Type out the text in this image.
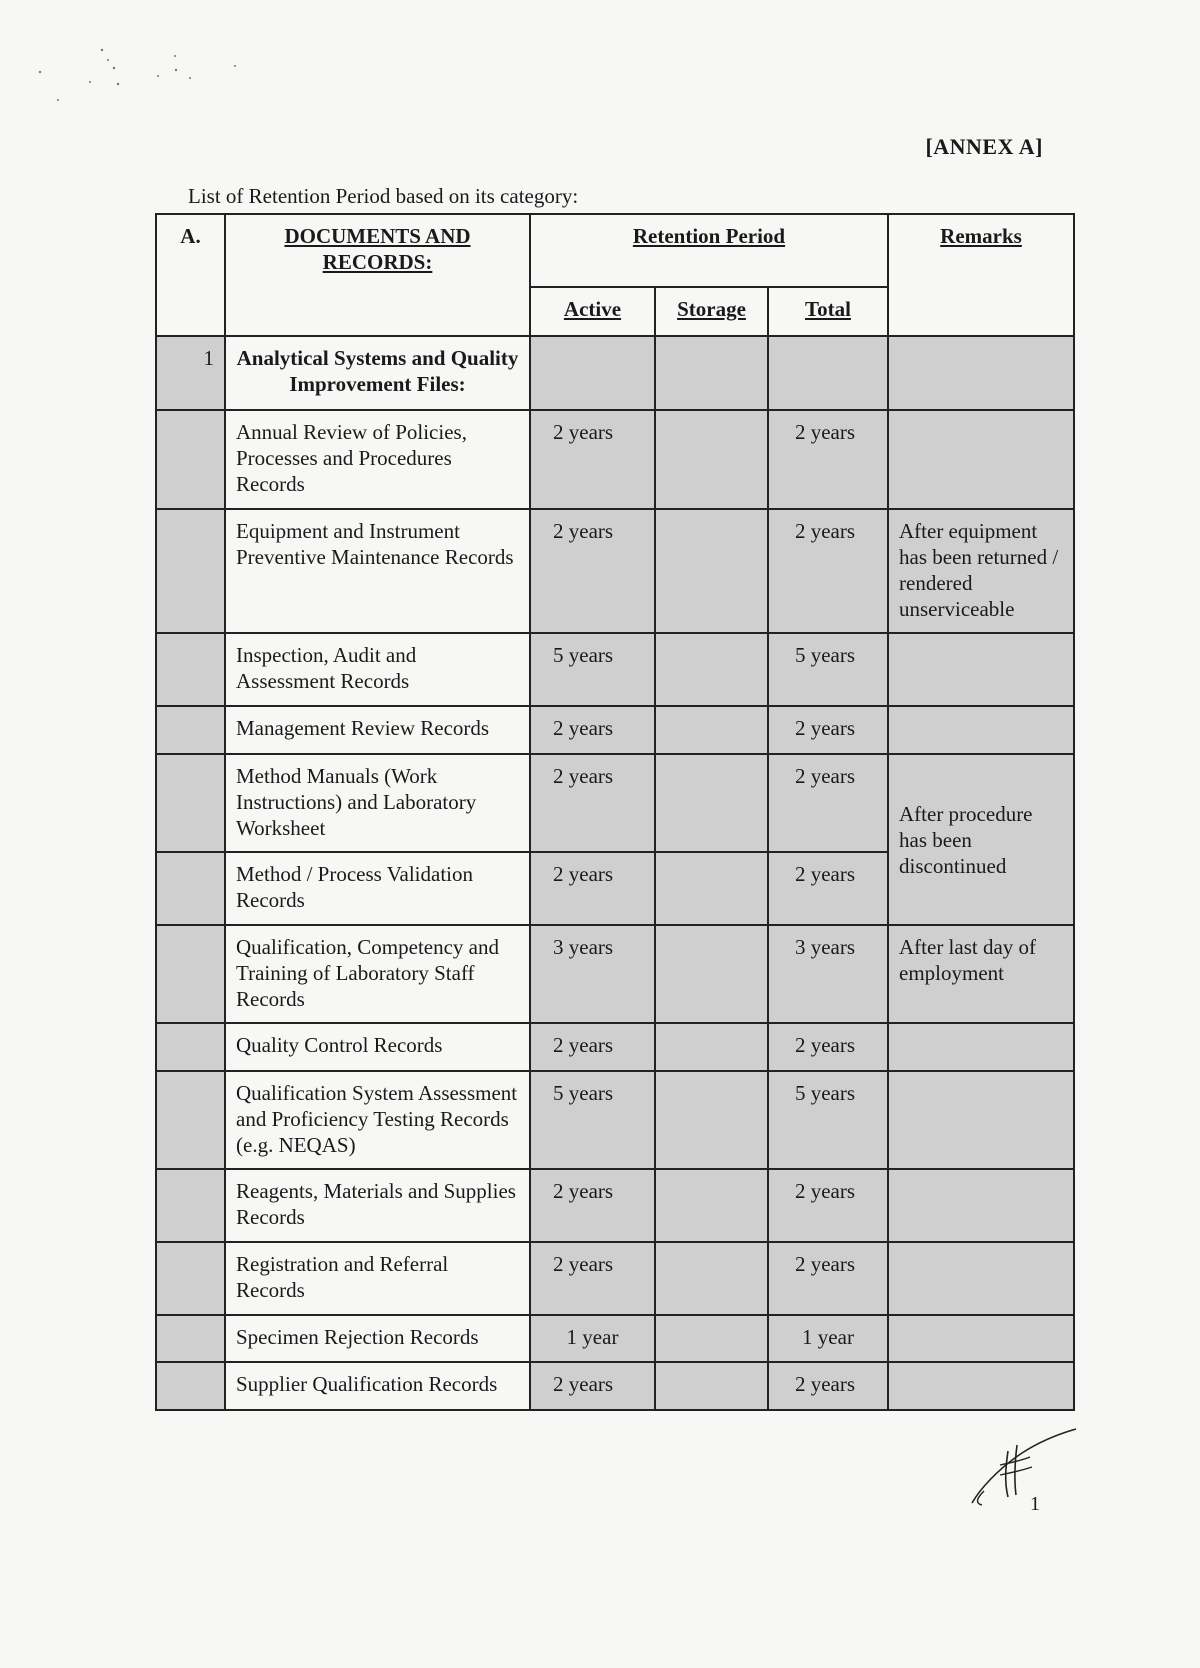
[ANNEX A]
List of Retention Period based on its category:
A.	DOCUMENTS AND RECORDS:	Retention Period			Remarks
		Active	Storage	Total	
1	Analytical Systems and Quality Improvement Files:				
	Annual Review of Policies, Processes and Procedures Records	2 years		2 years	
	Equipment and Instrument Preventive Maintenance Records	2 years		2 years	After equipment has been returned / rendered unserviceable
	Inspection, Audit and Assessment Records	5 years		5 years	
	Management Review Records	2 years		2 years	
	Method Manuals (Work Instructions) and Laboratory Worksheet	2 years		2 years	After procedure has been discontinued
	Method / Process Validation Records	2 years		2 years	
	Qualification, Competency and Training of Laboratory Staff Records	3 years		3 years	After last day of employment
	Quality Control Records	2 years		2 years	
	Qualification System Assessment and Proficiency Testing Records (e.g. NEQAS)	5 years		5 years	
	Reagents, Materials and Supplies Records	2 years		2 years	
	Registration and Referral Records	2 years		2 years	
	Specimen Rejection Records	1 year		1 year	
	Supplier Qualification Records	2 years		2 years	
1
